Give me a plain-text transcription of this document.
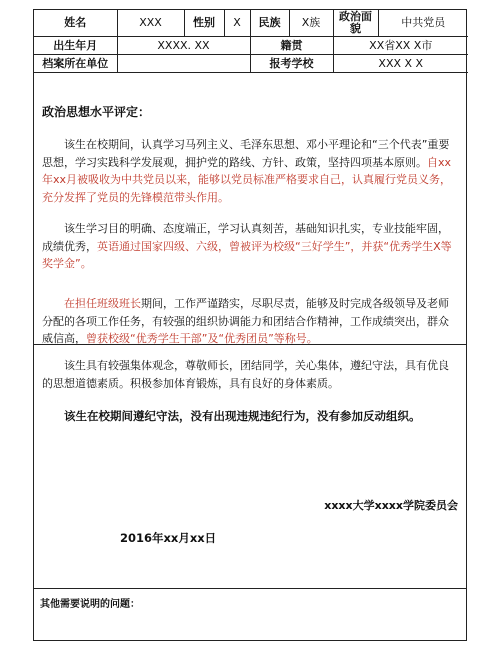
姓名	XXX	性别	X	民族	X族	政治面貌	中共党员
出生年月	XXXX. XX			籍贯		XX省XX X市	
档案所在单位				报考学校		XXX X X	
政治思想水平评定：

该生在校期间，认真学习马列主义、毛泽东思想、邓小平理论和“三个代表”重要思想，学习实践科学发展观，拥护党的路线、方针、政策，坚持四项基本原则。自xx年xx月被吸收为中共党员以来，能够以党员标准严格要求自己，认真履行党员义务，充分发挥了党员的先锋模范带头作用。

该生学习目的明确、态度端正，学习认真刻苦，基础知识扎实，专业技能牢固，成绩优秀，英语通过国家四级、六级，曾被评为校级“三好学生”，并获“优秀学生X等奖学金”。

在担任班级班长期间，工作严谨踏实，尽职尽责，能够及时完成各级领导及老师分配的各项工作任务，有较强的组织协调能力和团结合作精神，工作成绩突出，群众威信高，曾获校级“优秀学生干部”及“优秀团员”等称号。

该生具有较强集体观念，尊敬师长，团结同学，关心集体，遵纪守法，具有优良的思想道德素质。积极参加体育锻炼，具有良好的身体素质。

该生在校期间遵纪守法，没有出现违规违纪行为，没有参加反动组织。

xxxx大学xxxx学院委员会
2016年xx月xx日
其他需要说明的问题：
